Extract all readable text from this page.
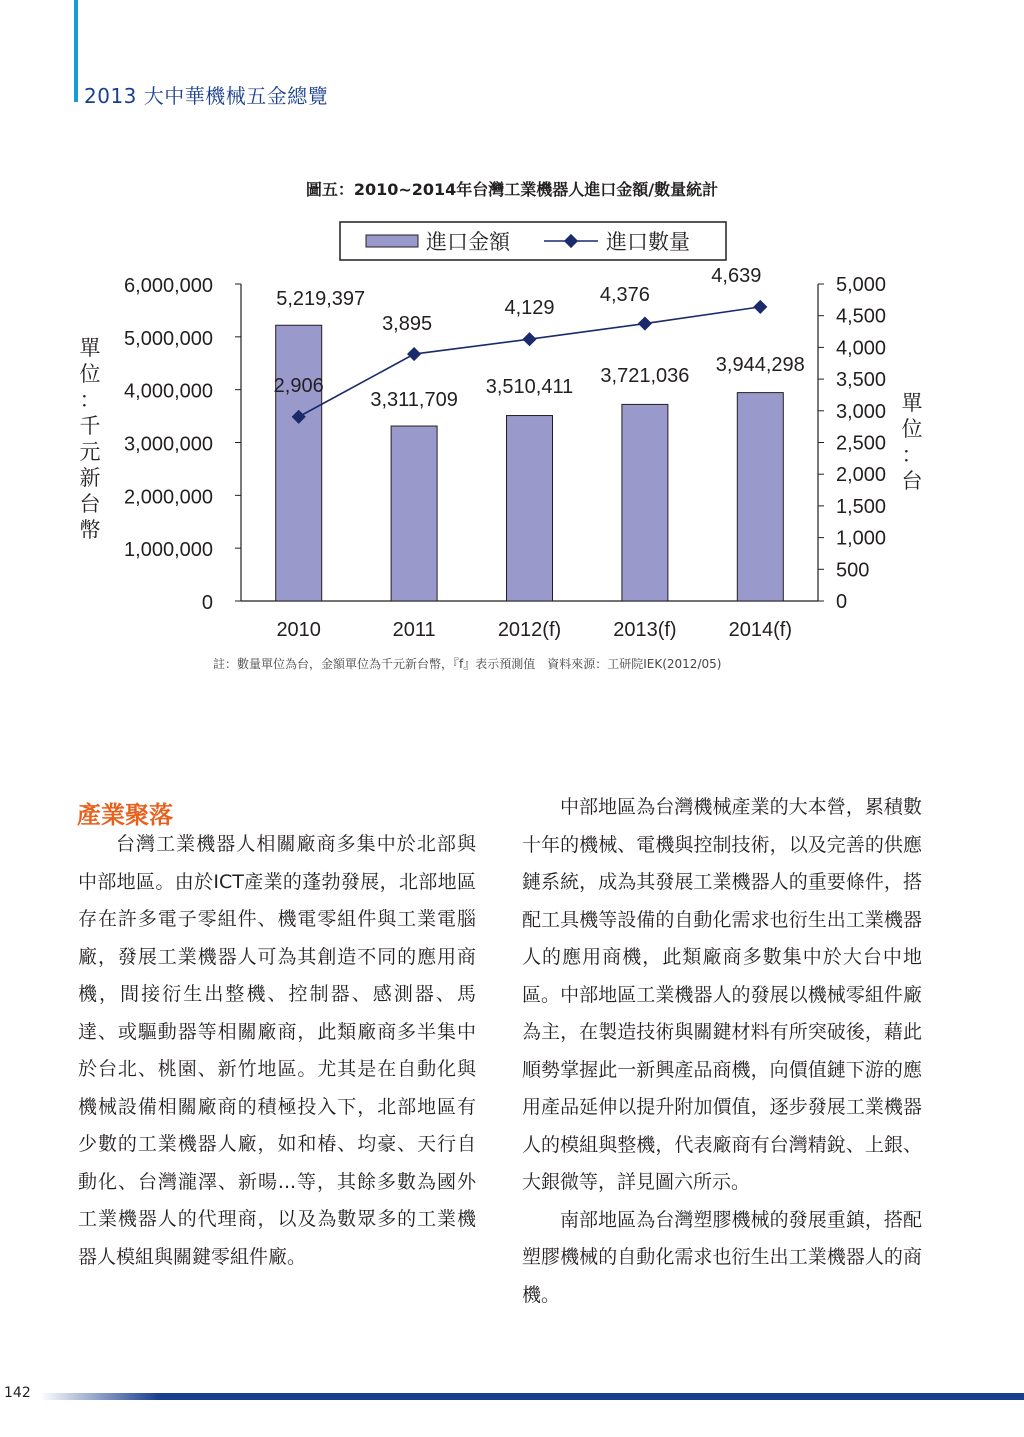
2013 大中華機械五金總覽
圖五：2010~2014年台灣工業機器人進口金額/數量統計
0
1,000,000
2,000,000
3,000,000
4,000,000
5,000,000
6,000,000
0
500
1,000
1,500
2,000
2,500
3,000
3,500
4,000
4,500
5,000
2010	2011	2012(f)	2013(f)	2014(f)
5,219,397
3,311,709
3,510,411 3,721,036 3,944,298
2,906
3,895
4,129
4,376
4,639
進口金額	進口數量
單
位
：
千
元
新
台
幣
單
位
：
台
註：數量單位為台，金額單位為千元新台幣，『f』表示預測值　資料來源：工研院IEK(2012/05)
產業聚落

台灣工業機器人相關廠商多集中於北部與中部地區。由於ICT產業的蓬勃發展，北部地區存在許多電子零組件、機電零組件與工業電腦廠，發展工業機器人可為其創造不同的應用商機，間接衍生出整機、控制器、感測器、馬達、或驅動器等相關廠商，此類廠商多半集中於台北、桃園、新竹地區。尤其是在自動化與機械設備相關廠商的積極投入下，北部地區有少數的工業機器人廠，如和椿、均豪、天行自動化、台灣瀧澤、新暘...等，其餘多數為國外工業機器人的代理商，以及為數眾多的工業機器人模組與關鍵零組件廠。

中部地區為台灣機械產業的大本營，累積數十年的機械、電機與控制技術，以及完善的供應鏈系統，成為其發展工業機器人的重要條件，搭配工具機等設備的自動化需求也衍生出工業機器人的應用商機，此類廠商多數集中於大台中地區。中部地區工業機器人的發展以機械零組件廠為主，在製造技術與關鍵材料有所突破後，藉此順勢掌握此一新興產品商機，向價值鏈下游的應用產品延伸以提升附加價值，逐步發展工業機器人的模組與整機，代表廠商有台灣精銳、上銀、大銀微等，詳見圖六所示。

南部地區為台灣塑膠機械的發展重鎮，搭配塑膠機械的自動化需求也衍生出工業機器人的商機。

142
